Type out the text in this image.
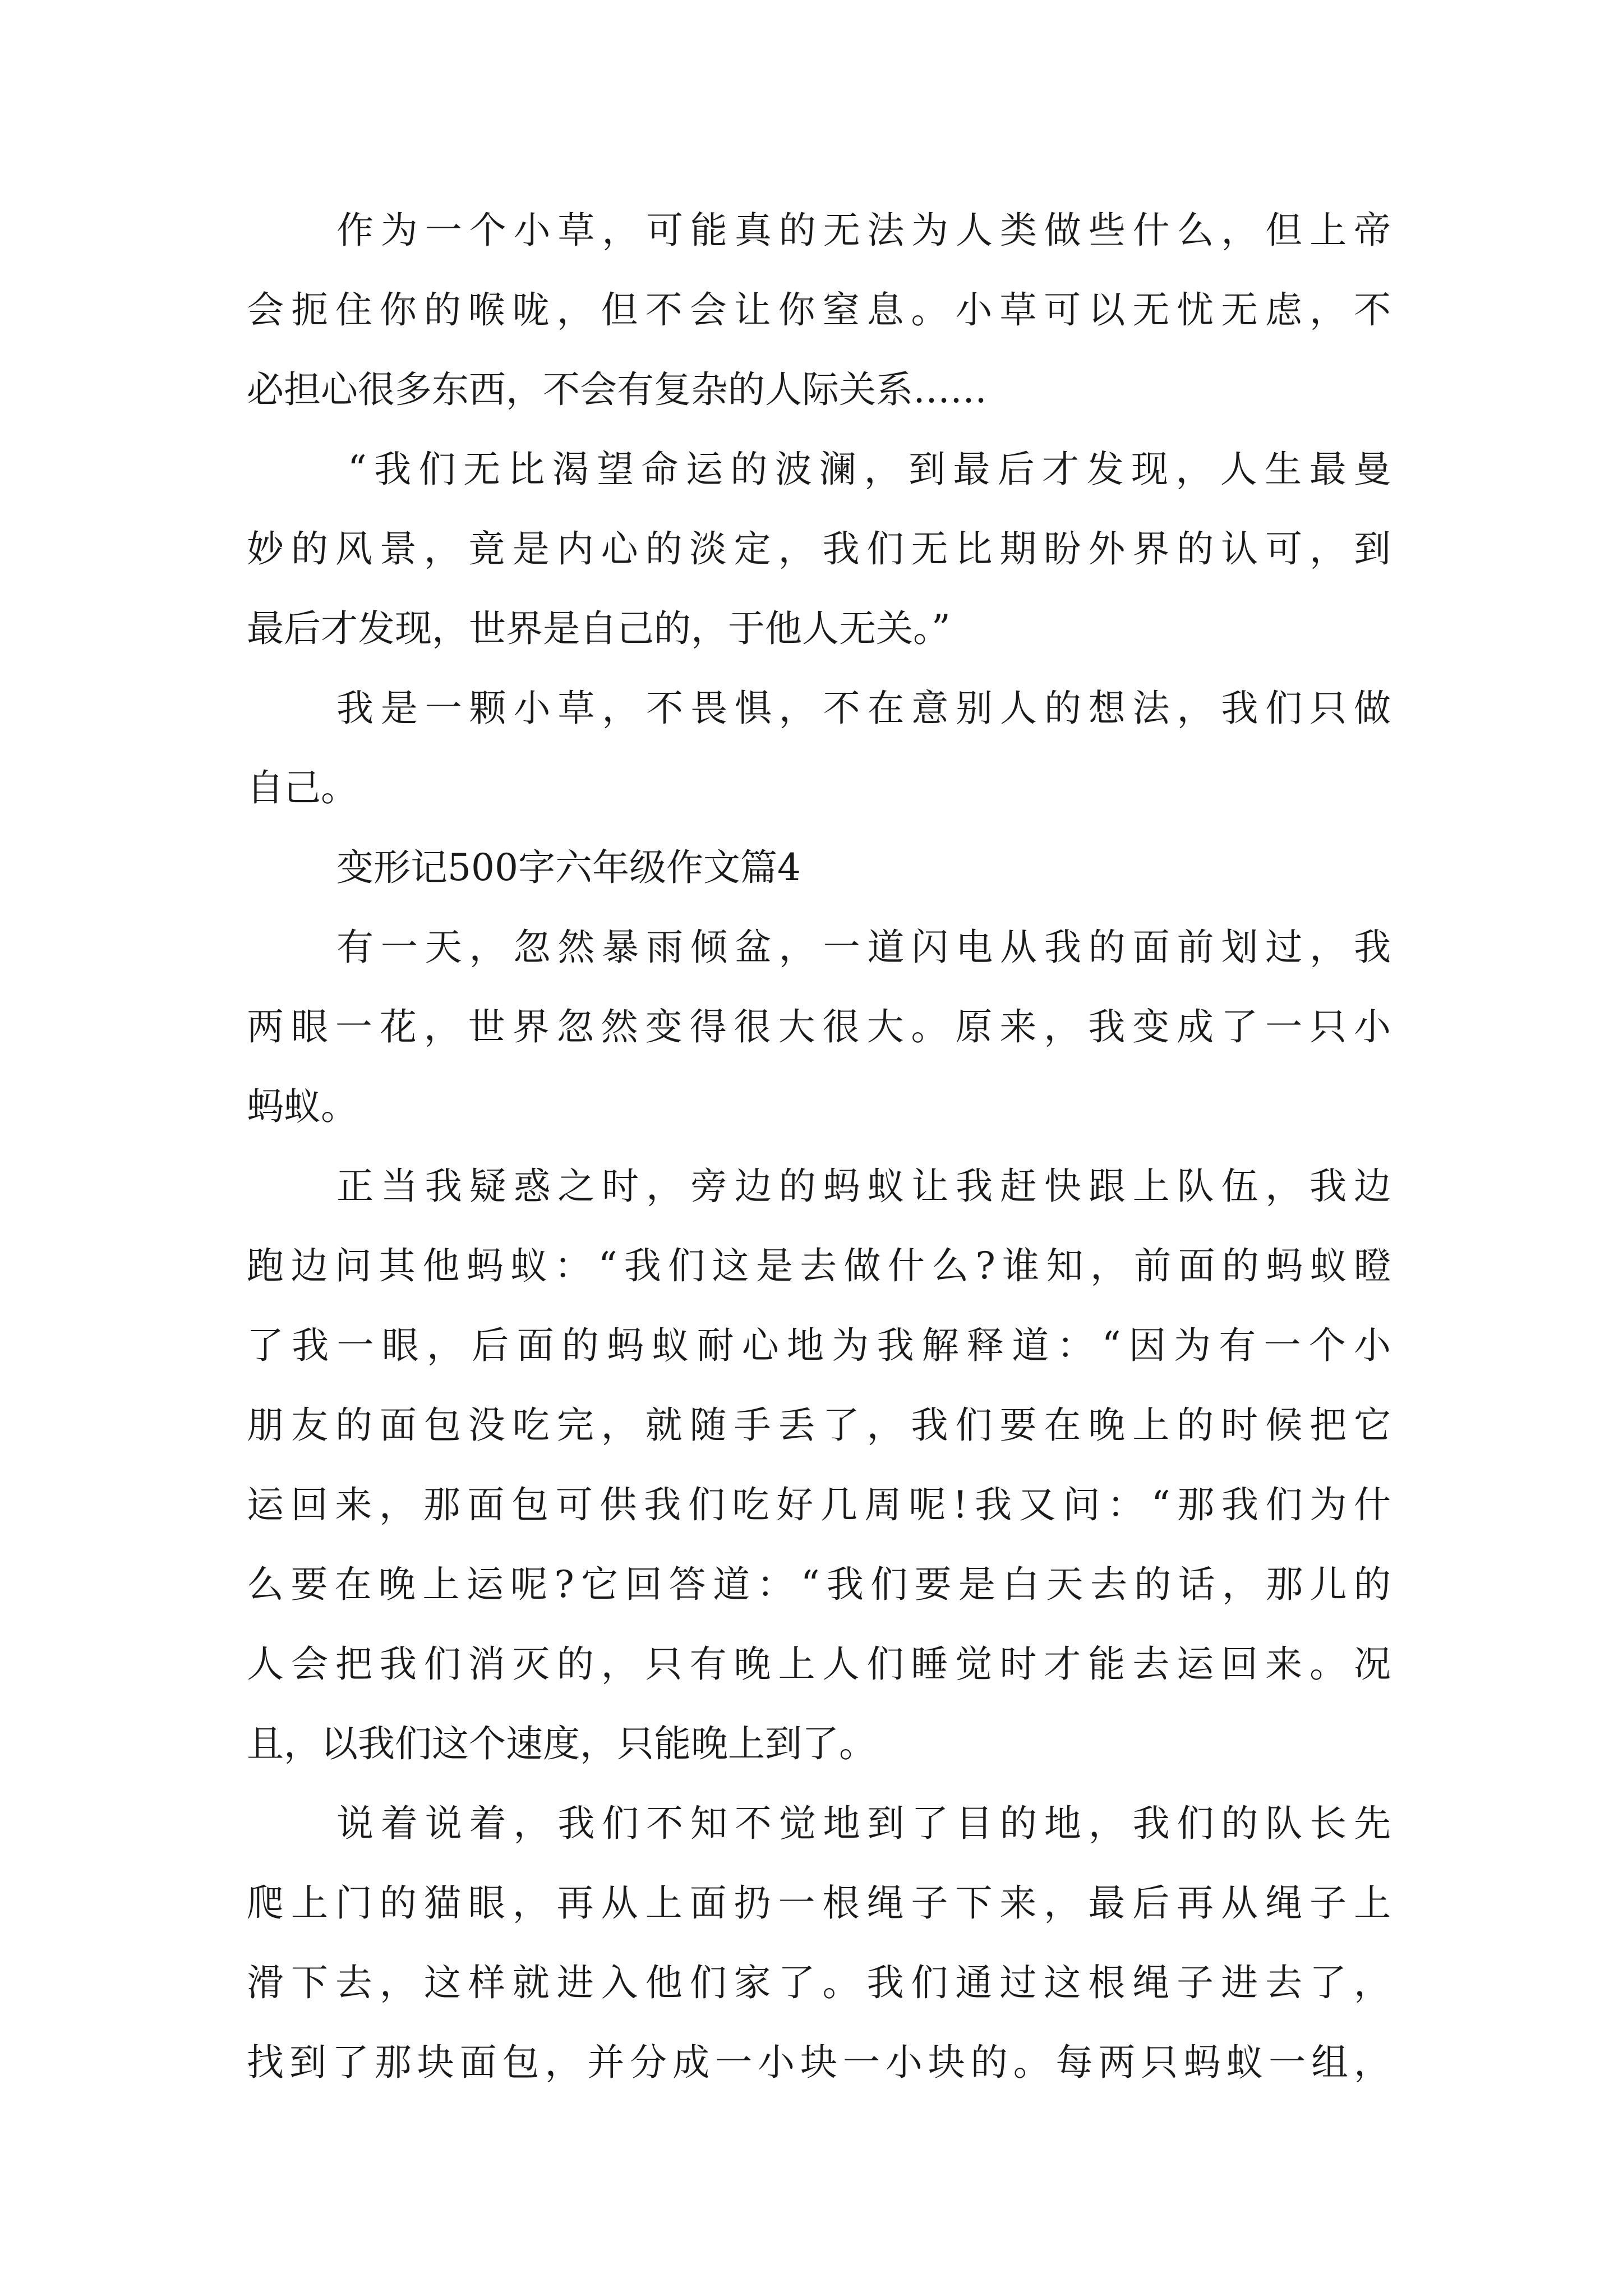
作为一个小草，可能真的无法为人类做些什么，但上帝
会扼住你的喉咙，但不会让你窒息。小草可以无忧无虑，不
必担心很多东西，不会有复杂的人际关系……
“我们无比渴望命运的波澜，到最后才发现，人生最曼
妙的风景，竟是内心的淡定，我们无比期盼外界的认可，到
最后才发现，世界是自己的，于他人无关。”
我是一颗小草，不畏惧，不在意别人的想法，我们只做
自己。
变形记500字六年级作文篇4
有一天，忽然暴雨倾盆，一道闪电从我的面前划过，我
两眼一花，世界忽然变得很大很大。原来，我变成了一只小
蚂蚁。
正当我疑惑之时，旁边的蚂蚁让我赶快跟上队伍，我边
跑边问其他蚂蚁：“我们这是去做什么?谁知，前面的蚂蚁瞪
了我一眼，后面的蚂蚁耐心地为我解释道：“因为有一个小
朋友的面包没吃完，就随手丢了，我们要在晚上的时候把它
运回来，那面包可供我们吃好几周呢!我又问：“那我们为什
么要在晚上运呢?它回答道：“我们要是白天去的话，那儿的
人会把我们消灭的，只有晚上人们睡觉时才能去运回来。况
且，以我们这个速度，只能晚上到了。
说着说着，我们不知不觉地到了目的地，我们的队长先
爬上门的猫眼，再从上面扔一根绳子下来，最后再从绳子上
滑下去，这样就进入他们家了。我们通过这根绳子进去了，
找到了那块面包，并分成一小块一小块的。每两只蚂蚁一组，
